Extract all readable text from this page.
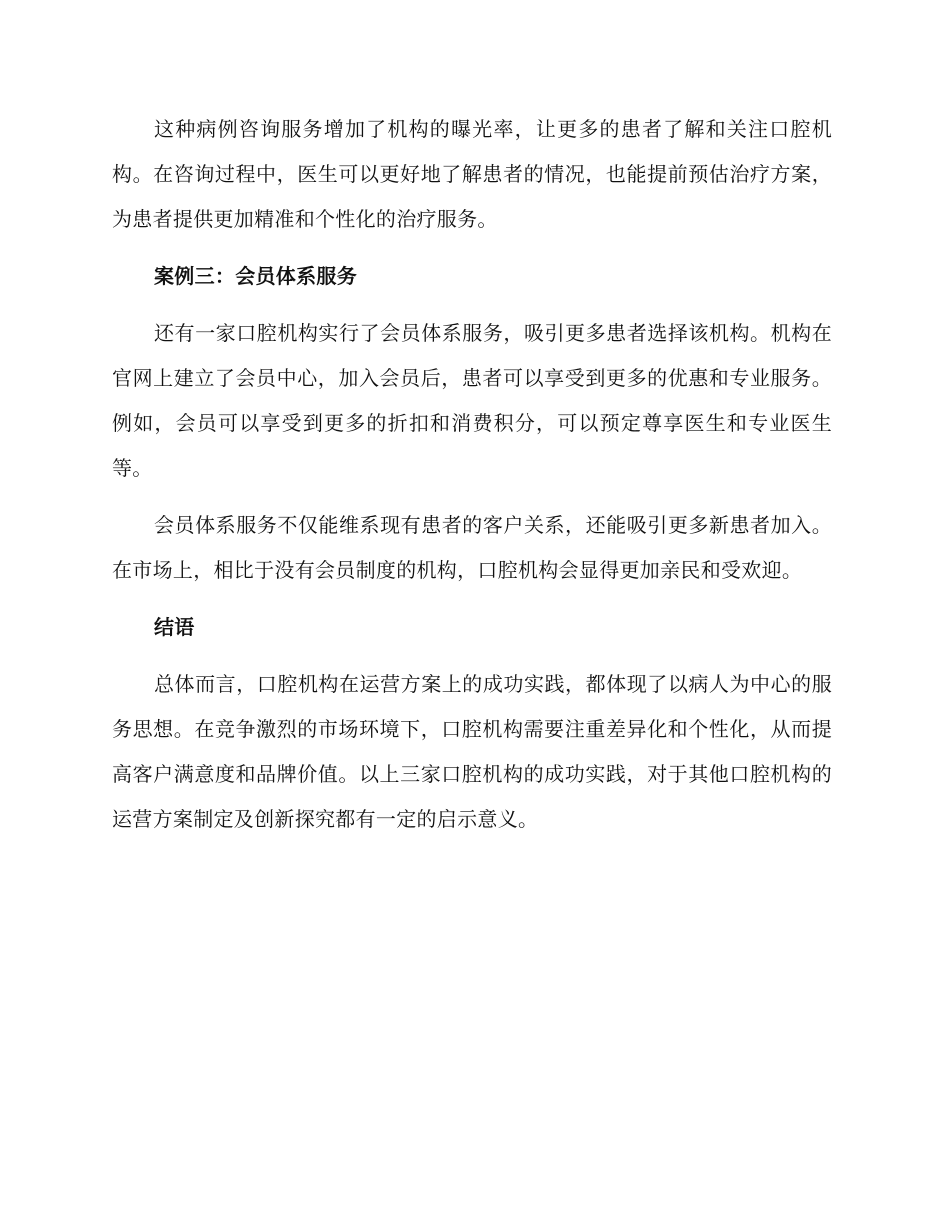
这种病例咨询服务增加了机构的曝光率，让更多的患者了解和关注口腔机构。在咨询过程中，医生可以更好地了解患者的情况，也能提前预估治疗方案，为患者提供更加精准和个性化的治疗服务。

案例三：会员体系服务

还有一家口腔机构实行了会员体系服务，吸引更多患者选择该机构。机构在官网上建立了会员中心，加入会员后，患者可以享受到更多的优惠和专业服务。例如，会员可以享受到更多的折扣和消费积分，可以预定尊享医生和专业医生等。

会员体系服务不仅能维系现有患者的客户关系，还能吸引更多新患者加入。在市场上，相比于没有会员制度的机构，口腔机构会显得更加亲民和受欢迎。

结语

总体而言，口腔机构在运营方案上的成功实践，都体现了以病人为中心的服务思想。在竞争激烈的市场环境下，口腔机构需要注重差异化和个性化，从而提高客户满意度和品牌价值。以上三家口腔机构的成功实践，对于其他口腔机构的运营方案制定及创新探究都有一定的启示意义。
